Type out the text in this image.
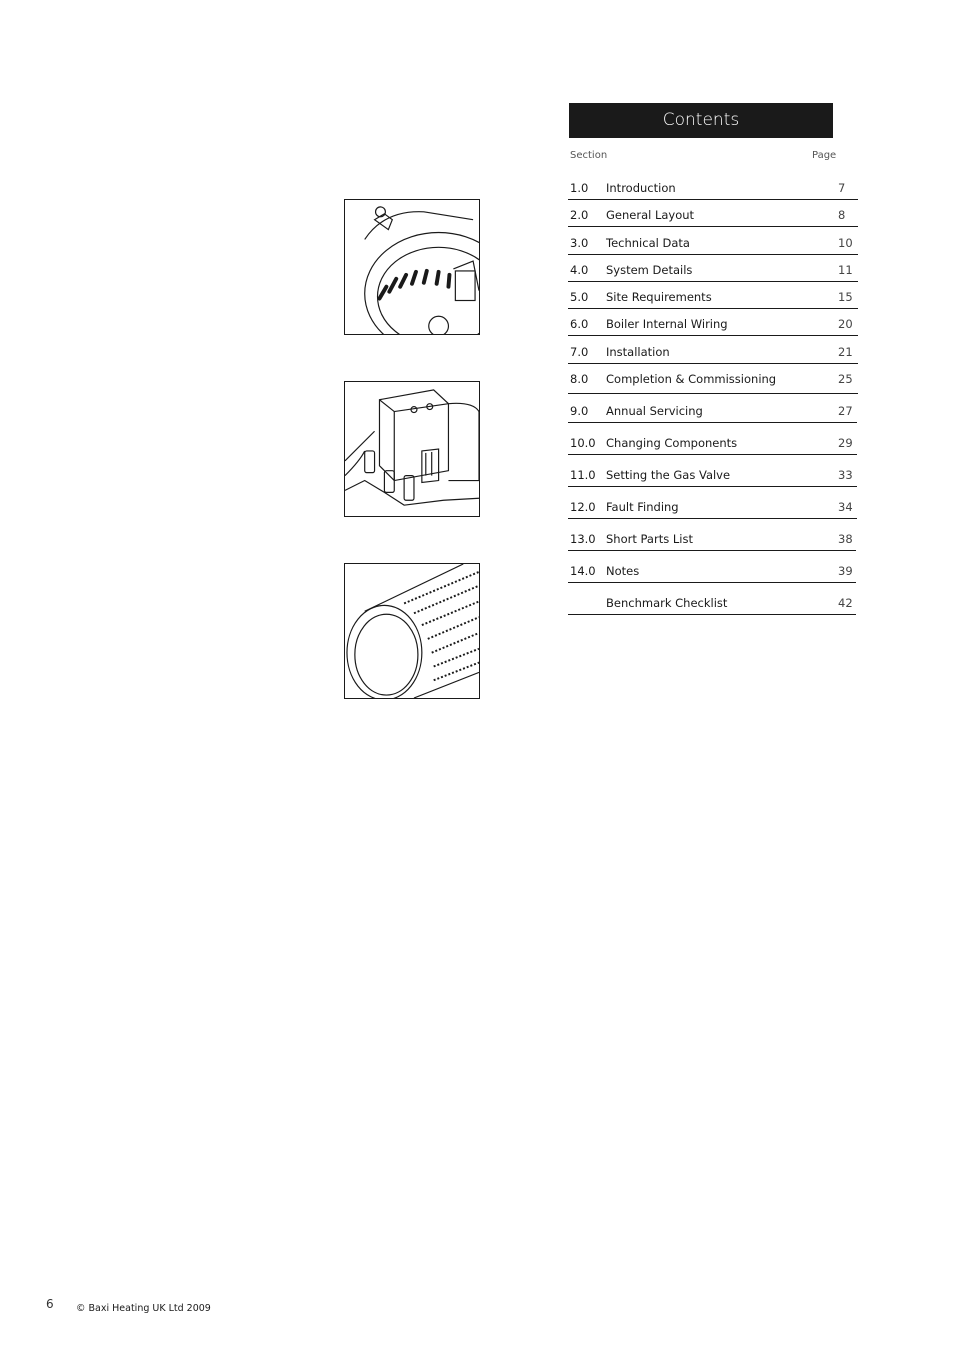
Contents
Section	Page
1.0 Introduction	7
2.0 General Layout	8
3.0 Technical Data	10
4.0 System Details	11
5.0 Site Requirements	15
6.0 Boiler Internal Wiring	20
7.0 Installation	21
8.0 Completion & Commissioning	25
9.0 Annual Servicing	27
10.0 Changing Components	29
11.0 Setting the Gas Valve	33
12.0 Fault Finding	34
13.0 Short Parts List	38
14.0 Notes	39
Benchmark Checklist	42
6 © Baxi Heating UK Ltd 2009
